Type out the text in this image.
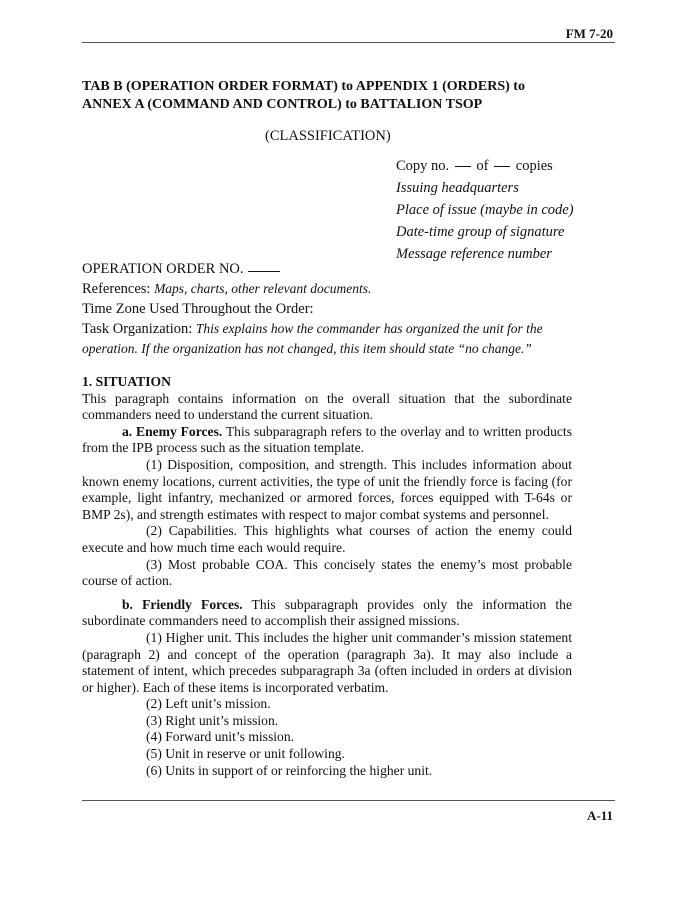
FM 7-20
TAB B (OPERATION ORDER FORMAT) to APPENDIX 1 (ORDERS) to
ANNEX A (COMMAND AND CONTROL) to BATTALION TSOP
(CLASSIFICATION)
Copy no. of copies
Issuing headquarters
Place of issue (maybe in code)
Date-time group of signature
Message reference number
OPERATION ORDER NO.
References: Maps, charts, other relevant documents.
Time Zone Used Throughout the Order:
Task Organization: This explains how the commander has organized the unit for the
operation. If the organization has not changed, this item should state “no change.”

1. SITUATION

This paragraph contains information on the overall situation that the subordinate commanders need to understand the current situation.

a. Enemy Forces. This subparagraph refers to the overlay and to written products from the IPB process such as the situation template.

(1) Disposition, composition, and strength. This includes information about known enemy locations, current activities, the type of unit the friendly force is facing (for example, light infantry, mechanized or armored forces, forces equipped with T-64s or BMP 2s), and strength estimates with respect to major combat systems and personnel.

(2) Capabilities. This highlights what courses of action the enemy could execute and how much time each would require.

(3) Most probable COA. This concisely states the enemy’s most probable course of action.

b. Friendly Forces. This subparagraph provides only the information the subordinate commanders need to accomplish their assigned missions.

(1) Higher unit. This includes the higher unit commander’s mission statement (paragraph 2) and concept of the operation (paragraph 3a). It may also include a statement of intent, which precedes subparagraph 3a (often included in orders at division or higher). Each of these items is incorporated verbatim.

(2) Left unit’s mission.

(3) Right unit’s mission.

(4) Forward unit’s mission.

(5) Unit in reserve or unit following.

(6) Units in support of or reinforcing the higher unit.

A-11
